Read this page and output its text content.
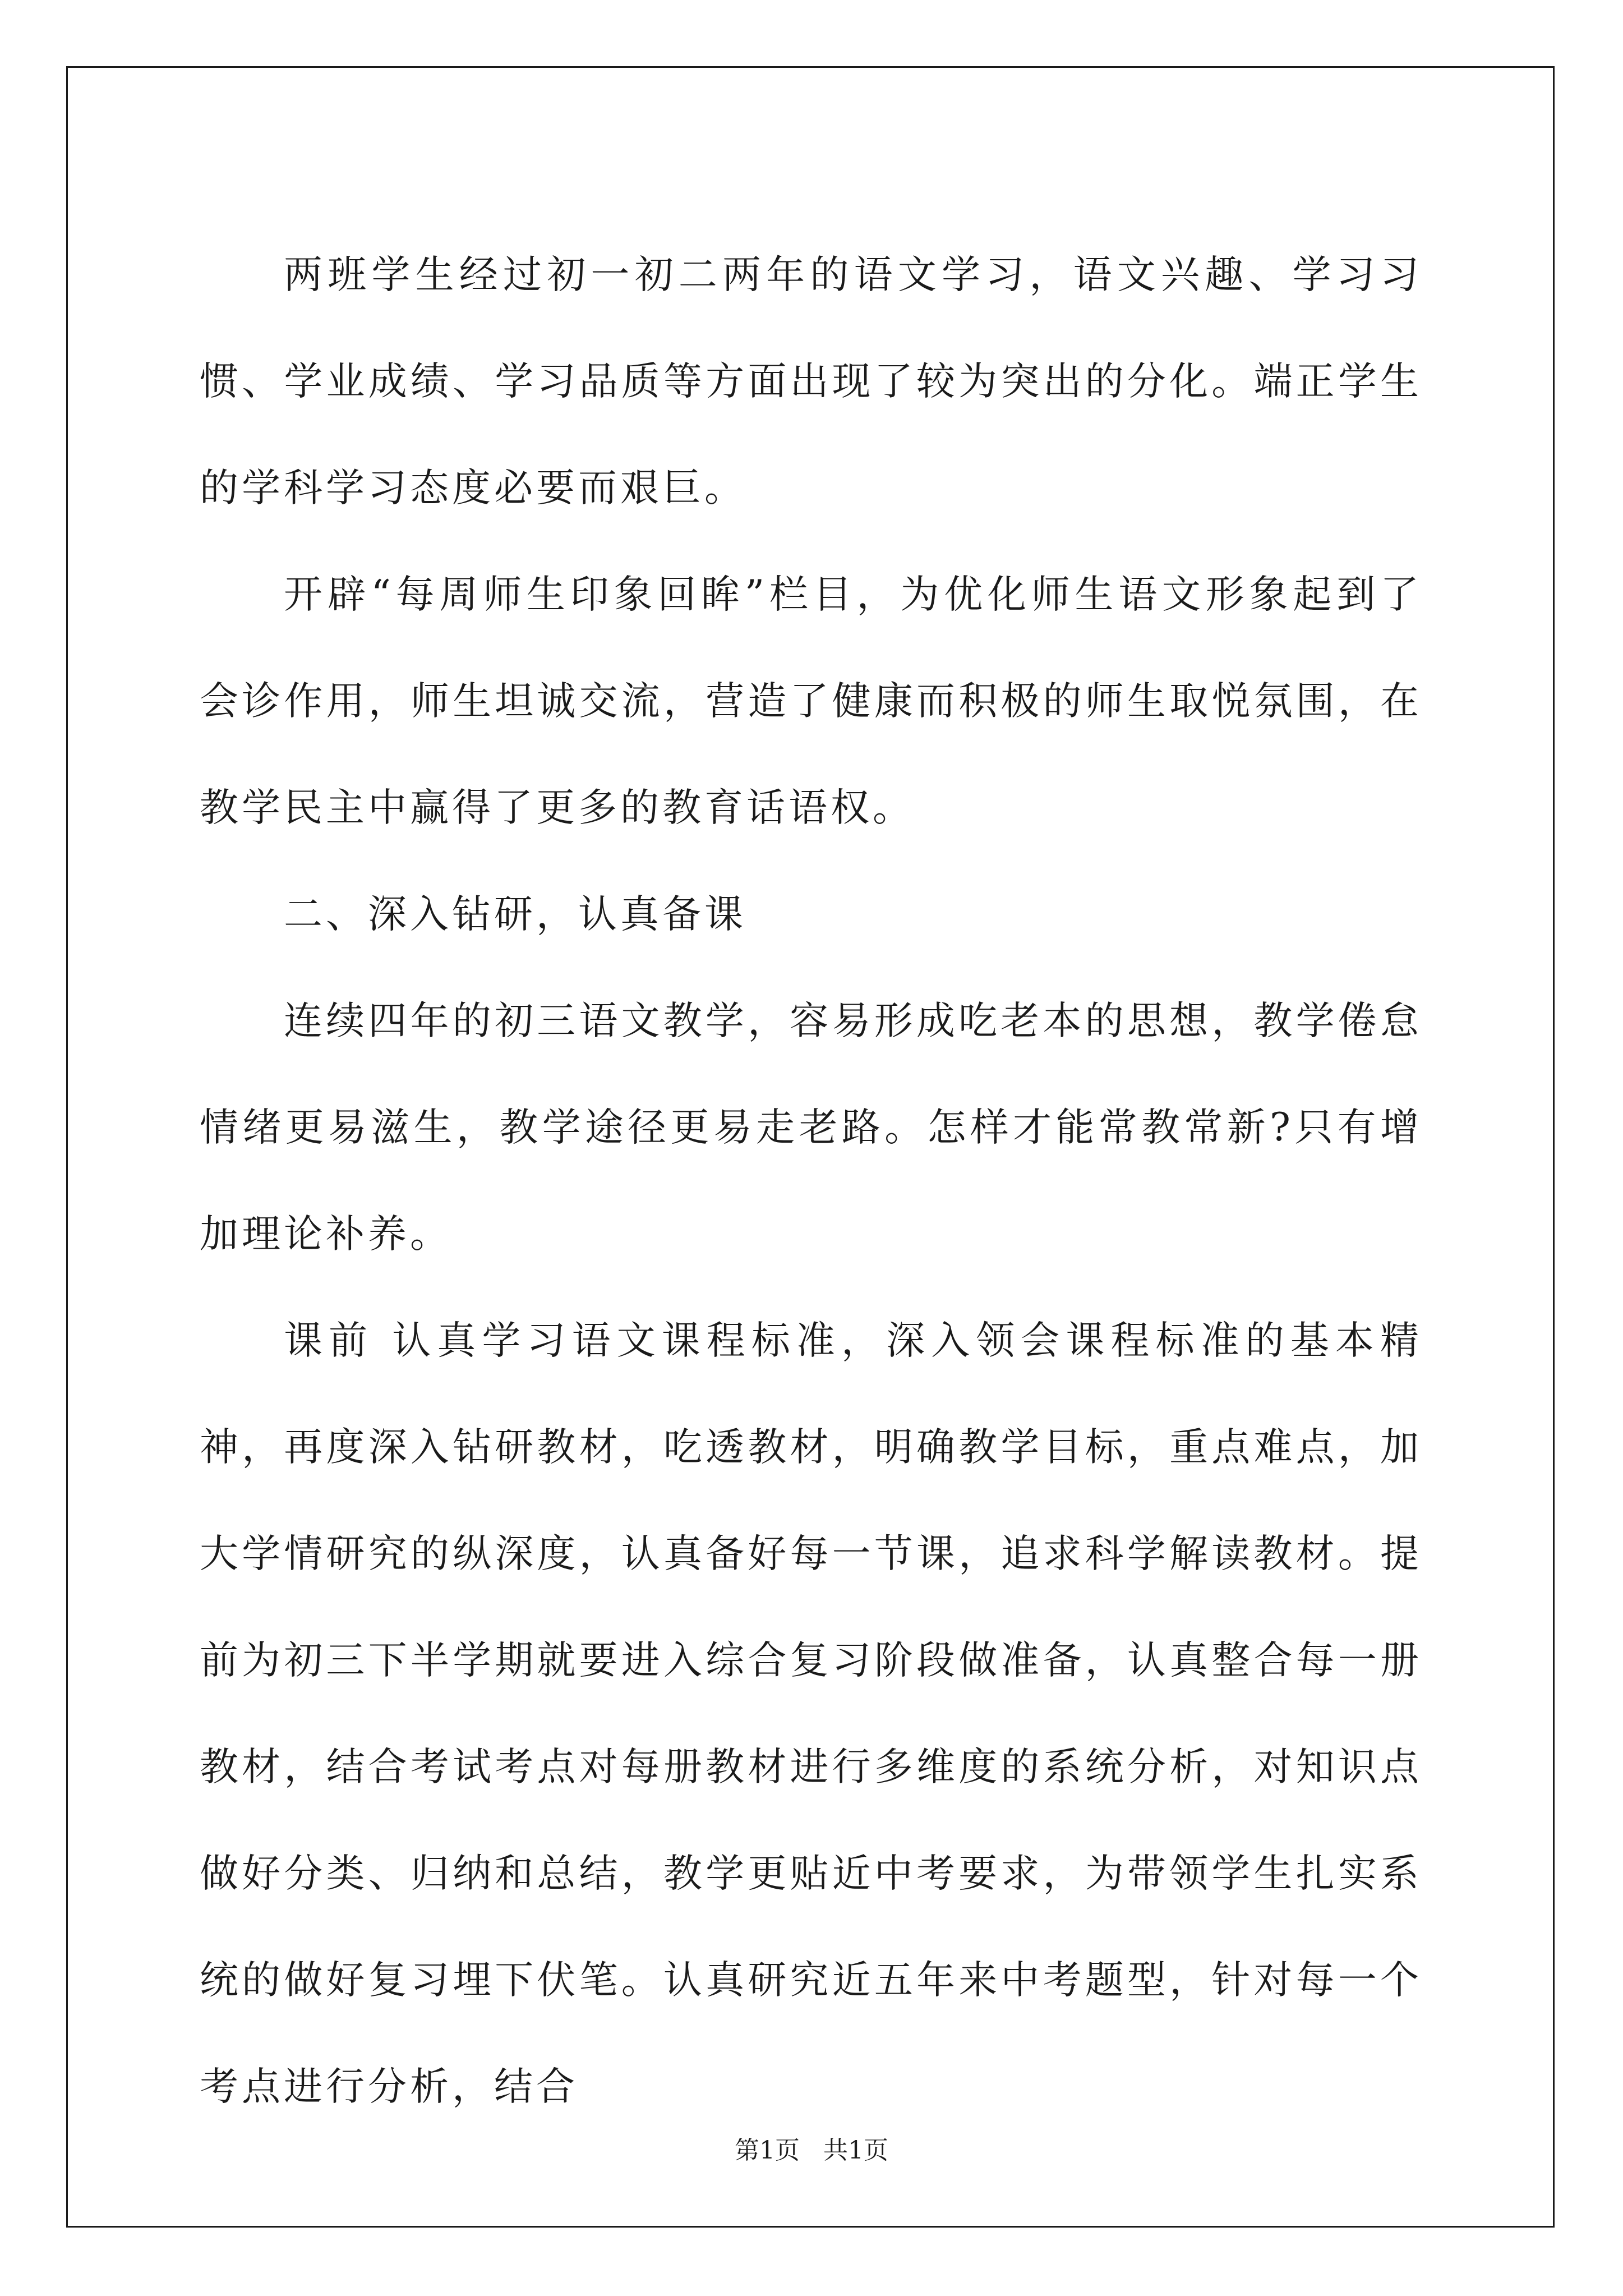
两班学生经过初一初二两年的语文学习，语文兴趣、学习习惯、学业成绩、学习品质等方面出现了较为突出的分化。端正学生的学科学习态度必要而艰巨。

开辟“每周师生印象回眸”栏目，为优化师生语文形象起到了会诊作用，师生坦诚交流，营造了健康而积极的师生取悦氛围，在教学民主中赢得了更多的教育话语权。

二、深入钻研，认真备课

连续四年的初三语文教学，容易形成吃老本的思想，教学倦怠情绪更易滋生，教学途径更易走老路。怎样才能常教常新?只有增加理论补养。

课前 认真学习语文课程标准，深入领会课程标准的基本精神，再度深入钻研教材，吃透教材，明确教学目标，重点难点，加大学情研究的纵深度，认真备好每一节课，追求科学解读教材。提前为初三下半学期就要进入综合复习阶段做准备，认真整合每一册教材，结合考试考点对每册教材进行多维度的系统分析，对知识点做好分类、归纳和总结，教学更贴近中考要求，为带领学生扎实系统的做好复习埋下伏笔。认真研究近五年来中考题型，针对每一个考点进行分析，结合

第1页   共1页
